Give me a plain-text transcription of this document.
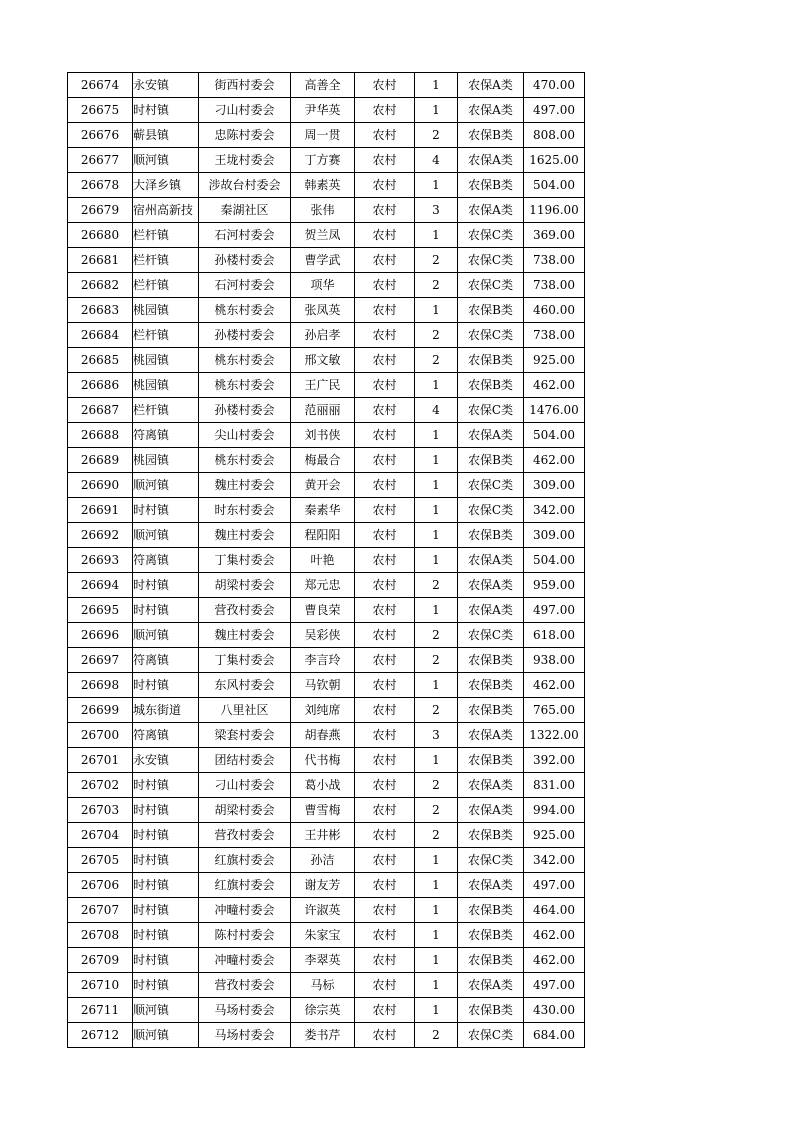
26674	永安镇	街西村委会	高善全	农村	1	农保A类	470.00
26675	时村镇	刁山村委会	尹华英	农村	1	农保A类	497.00
26676	蕲县镇	忠陈村委会	周一贯	农村	2	农保B类	808.00
26677	顺河镇	王垅村委会	丁方赛	农村	4	农保A类	1625.00
26678	大泽乡镇	涉故台村委会	韩素英	农村	1	农保B类	504.00
26679	宿州高新技	秦湖社区	张伟	农村	3	农保A类	1196.00
26680	栏杆镇	石河村委会	贺兰凤	农村	1	农保C类	369.00
26681	栏杆镇	孙楼村委会	曹学武	农村	2	农保C类	738.00
26682	栏杆镇	石河村委会	项华	农村	2	农保C类	738.00
26683	桃园镇	桃东村委会	张凤英	农村	1	农保B类	460.00
26684	栏杆镇	孙楼村委会	孙启孝	农村	2	农保C类	738.00
26685	桃园镇	桃东村委会	邢文敏	农村	2	农保B类	925.00
26686	桃园镇	桃东村委会	王广民	农村	1	农保B类	462.00
26687	栏杆镇	孙楼村委会	范丽丽	农村	4	农保C类	1476.00
26688	符离镇	尖山村委会	刘书侠	农村	1	农保A类	504.00
26689	桃园镇	桃东村委会	梅最合	农村	1	农保B类	462.00
26690	顺河镇	魏庄村委会	黄开会	农村	1	农保C类	309.00
26691	时村镇	时东村委会	秦素华	农村	1	农保C类	342.00
26692	顺河镇	魏庄村委会	程阳阳	农村	1	农保B类	309.00
26693	符离镇	丁集村委会	叶艳	农村	1	农保A类	504.00
26694	时村镇	胡梁村委会	郑元忠	农村	2	农保A类	959.00
26695	时村镇	营孜村委会	曹良荣	农村	1	农保A类	497.00
26696	顺河镇	魏庄村委会	吴彩侠	农村	2	农保C类	618.00
26697	符离镇	丁集村委会	李言玲	农村	2	农保B类	938.00
26698	时村镇	东风村委会	马钦朝	农村	1	农保B类	462.00
26699	城东街道	八里社区	刘纯席	农村	2	农保B类	765.00
26700	符离镇	梁套村委会	胡春燕	农村	3	农保A类	1322.00
26701	永安镇	团结村委会	代书梅	农村	1	农保B类	392.00
26702	时村镇	刁山村委会	葛小战	农村	2	农保A类	831.00
26703	时村镇	胡梁村委会	曹雪梅	农村	2	农保A类	994.00
26704	时村镇	营孜村委会	王井彬	农村	2	农保B类	925.00
26705	时村镇	红旗村委会	孙洁	农村	1	农保C类	342.00
26706	时村镇	红旗村委会	谢友芳	农村	1	农保A类	497.00
26707	时村镇	冲疃村委会	许淑英	农村	1	农保B类	464.00
26708	时村镇	陈村村委会	朱家宝	农村	1	农保B类	462.00
26709	时村镇	冲疃村委会	李翠英	农村	1	农保B类	462.00
26710	时村镇	营孜村委会	马标	农村	1	农保A类	497.00
26711	顺河镇	马场村委会	徐宗英	农村	1	农保B类	430.00
26712	顺河镇	马场村委会	娄书芹	农村	2	农保C类	684.00
